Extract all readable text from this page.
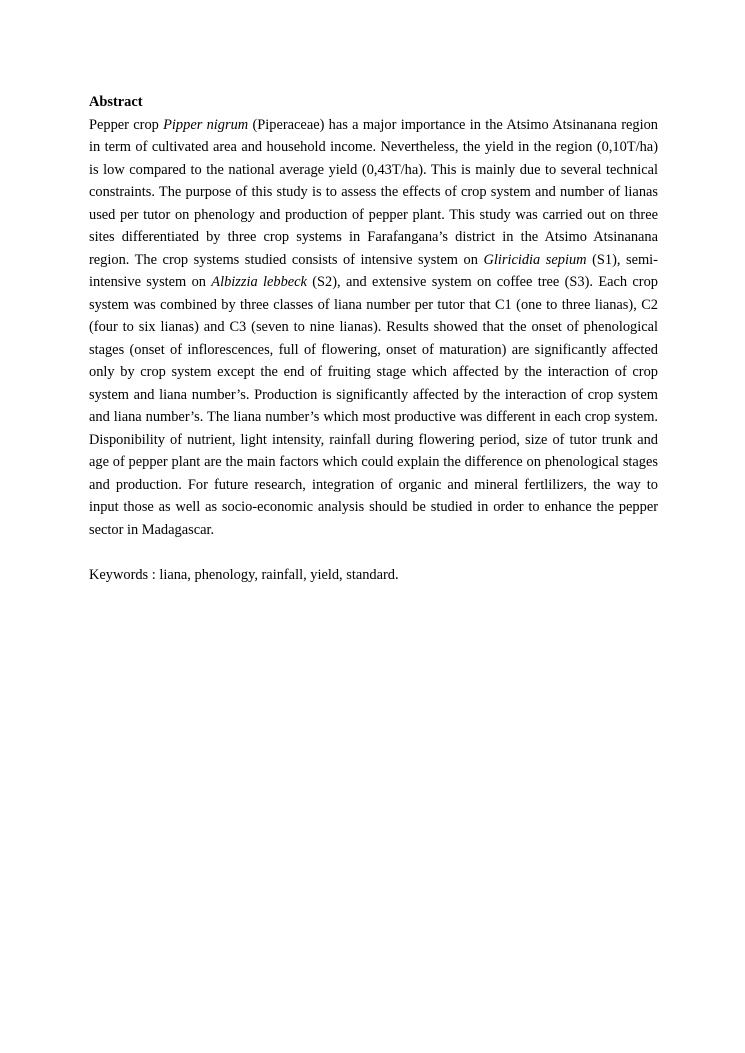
Abstract

Pepper crop Pipper nigrum (Piperaceae) has a major importance in the Atsimo Atsinanana region in term of cultivated area and household income. Nevertheless, the yield in the region (0,10T/ha) is low compared to the national average yield (0,43T/ha). This is mainly due to several technical constraints. The purpose of this study is to assess the effects of crop system and number of lianas used per tutor on phenology and production of pepper plant. This study was carried out on three sites differentiated by three crop systems in Farafangana’s district in the Atsimo Atsinanana region. The crop systems studied consists of intensive system on Gliricidia sepium (S1), semi-intensive system on Albizzia lebbeck (S2), and extensive system on coffee tree (S3). Each crop system was combined by three classes of liana number per tutor that C1 (one to three lianas), C2 (four to six lianas) and C3 (seven to nine lianas). Results showed that the onset of phenological stages (onset of inflorescences, full of flowering, onset of maturation) are significantly affected only by crop system except the end of fruiting stage which affected by the interaction of crop system and liana number’s. Production is significantly affected by the interaction of crop system and liana number’s. The liana number’s which most productive was different in each crop system. Disponibility of nutrient, light intensity, rainfall during flowering period, size of tutor trunk and age of pepper plant are the main factors which could explain the difference on phenological stages and production. For future research, integration of organic and mineral fertlilizers, the way to input those as well as socio-economic analysis should be studied in order to enhance the pepper sector in Madagascar.

Keywords : liana, phenology, rainfall, yield, standard.
